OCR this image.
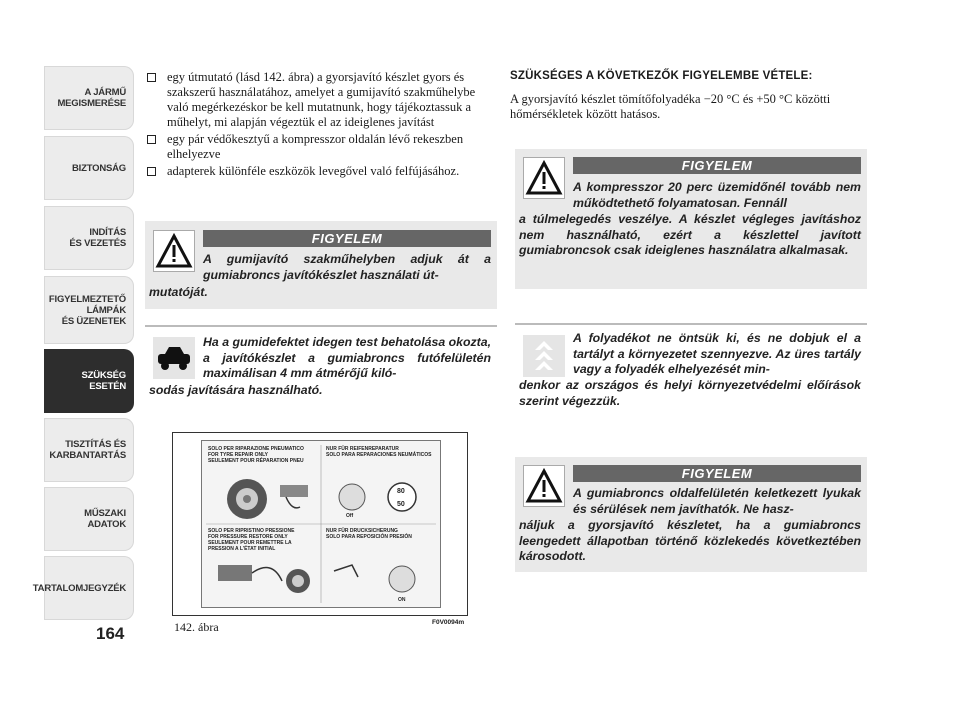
A JÁRMŰ
MEGISMERÉSE
BIZTONSÁG
INDÍTÁS
ÉS VEZETÉS
FIGYELMEZTETŐ
LÁMPÁK
ÉS ÜZENETEK
SZÜKSÉG
ESETÉN
TISZTÍTÁS ÉS
KARBANTARTÁS
MŰSZAKI
ADATOK
TARTALOMJEGYZÉK
164
egy útmutató (lásd 142. ábra) a gyorsjavító készlet gyors és szakszerű használatához, amelyet a gumijavító szakműhelybe való megérkezéskor be kell mutatnunk, hogy tájékoztassuk a műhelyt, mi alapján végeztük el az ideiglenes javítást
egy pár védőkesztyű a kompresszor oldalán lévő rekeszben elhelyezve
adapterek különféle eszközök levegővel való felfújásához.
FIGYELEM
A gumijavító szakműhelyben adjuk át a gumiabroncs javítókészlet használati út-
mutatóját.
Ha a gumidefektet idegen test behatolása okozta, a javítókészlet a gumiabroncs futófelületén maximálisan 4 mm átmérőjű kiló-
sodás javítására használható.
SOLO PER RIPARAZIONE PNEUMATICO
FOR TYRE REPAIR ONLY
SEULEMENT POUR RÉPARATION PNEU
NUR FÜR REIFENREPARATUR
SOLO PARA REPARACIONES NEUMÁTICOS
80
50
Off
SOLO PER RIPRISTINO PRESSIONE
FOR PRESSURE RESTORE ONLY
SEULEMENT POUR REMETTRE LA
PRESSION A L'ÉTAT INITIAL
NUR FÜR DRUCKSICHERUNG
SOLO PARA REPOSICIÓN PRESIÓN
ON
142. ábra	F0V0094m
SZÜKSÉGES A KÖVETKEZŐK FIGYELEMBE VÉTELE:
A gyorsjavító készlet tömítőfolyadéka −20 °C és +50 °C közötti hőmérsékletek között hatásos.
FIGYELEM
A kompresszor 20 perc üzemidőnél tovább nem működtethető folyamatosan. Fennáll
a túlmelegedés veszélye. A készlet végleges javításhoz nem használható, ezért a készlettel javított gumiabroncsok csak ideiglenes használatra alkalmasak.
A folyadékot ne öntsük ki, és ne dobjuk el a tartályt a környezetet szennyezve. Az üres tartály vagy a folyadék elhelyezését min-
denkor az országos és helyi környezetvédelmi előírások szerint végezzük.
FIGYELEM
A gumiabroncs oldalfelületén keletkezett lyukak és sérülések nem javíthatók. Ne hasz-
náljuk a gyorsjavító készletet, ha a gumiabroncs leengedett állapotban történő közlekedés következtében károsodott.
